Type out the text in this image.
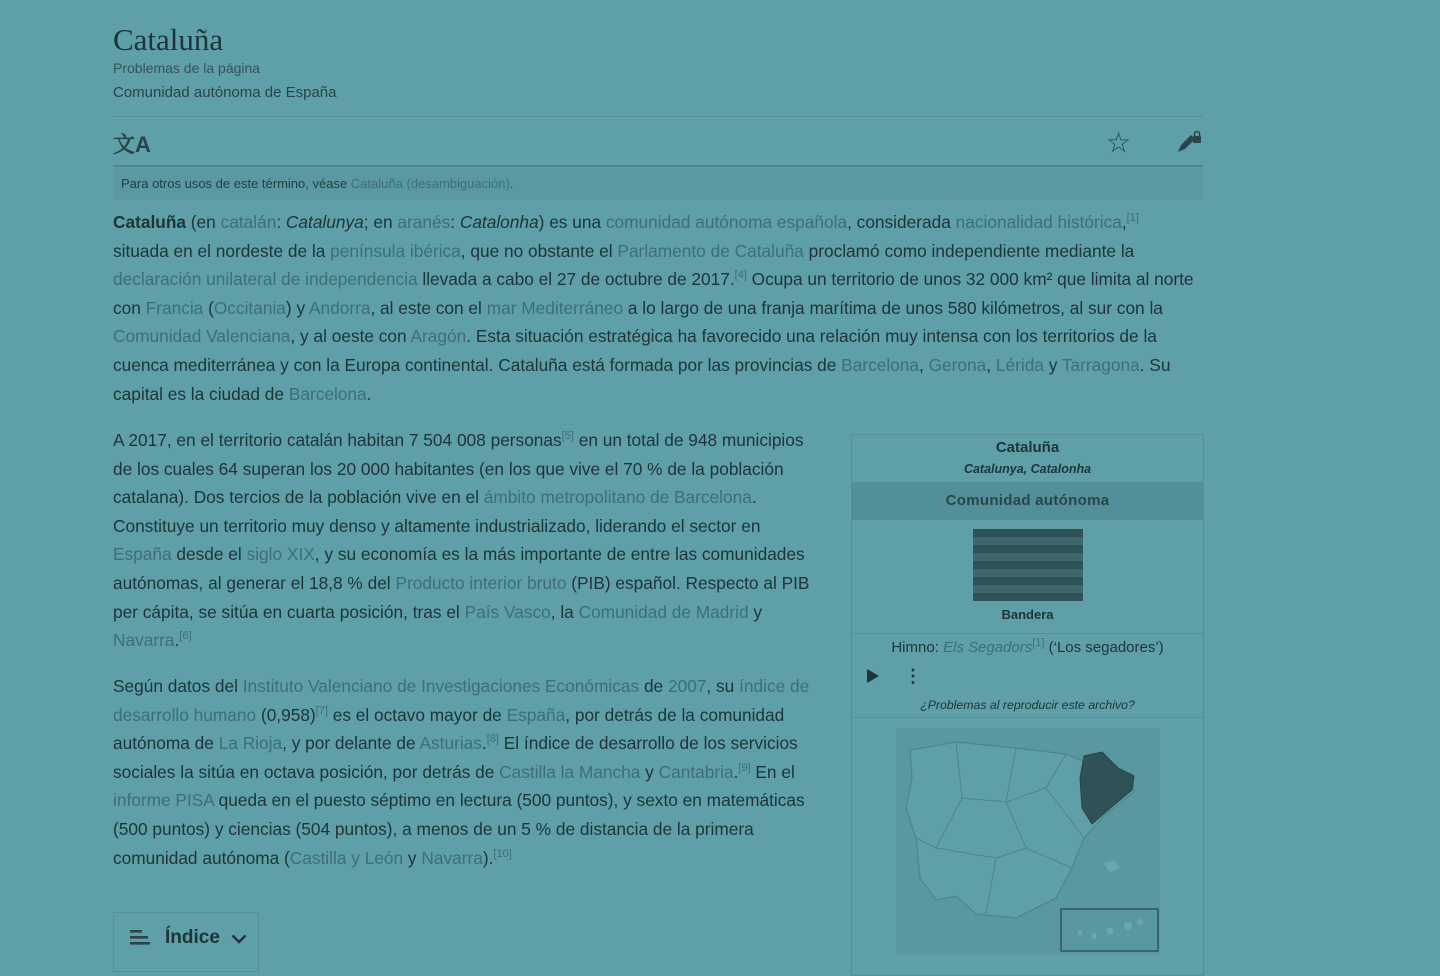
Cataluña
Problemas de la página
Comunidad autónoma de España
文A	☆
Para otros usos de este término, véase Cataluña (desambiguación).
Cataluña (en catalán: Catalunya; en aranés: Catalonha) es una comunidad autónoma española, considerada nacionalidad histórica,[1] situada en el nordeste de la península ibérica, que no obstante el Parlamento de Cataluña proclamó como independiente mediante la declaración unilateral de independencia llevada a cabo el 27 de octubre de 2017.[4] Ocupa un territorio de unos 32 000 km² que limita al norte con Francia (Occitania) y Andorra, al este con el mar Mediterráneo a lo largo de una franja marítima de unos 580 kilómetros, al sur con la Comunidad Valenciana, y al oeste con Aragón. Esta situación estratégica ha favorecido una relación muy intensa con los territorios de la cuenca mediterránea y con la Europa continental. Cataluña está formada por las provincias de Barcelona, Gerona, Lérida y Tarragona. Su capital es la ciudad de Barcelona.
A 2017, en el territorio catalán habitan 7 504 008 personas[5] en un total de 948 municipios de los cuales 64 superan los 20 000 habitantes (en los que vive el 70 % de la población catalana). Dos tercios de la población vive en el ámbito metropolitano de Barcelona. Constituye un territorio muy denso y altamente industrializado, liderando el sector en España desde el siglo XIX, y su economía es la más importante de entre las comunidades autónomas, al generar el 18,8 % del Producto interior bruto (PIB) español. Respecto al PIB per cápita, se sitúa en cuarta posición, tras el País Vasco, la Comunidad de Madrid y Navarra.[6]
Según datos del Instituto Valenciano de Investigaciones Económicas de 2007, su índice de desarrollo humano (0,958)[7] es el octavo mayor de España, por detrás de la comunidad autónoma de La Rioja, y por delante de Asturias.[8] El índice de desarrollo de los servicios sociales la sitúa en octava posición, por detrás de Castilla la Mancha y Cantabria.[9] En el informe PISA queda en el puesto séptimo en lectura (500 puntos), y sexto en matemáticas (500 puntos) y ciencias (504 puntos), a menos de un 5 % de distancia de la primera comunidad autónoma (Castilla y León y Navarra).[10]
Cataluña
Catalunya, Catalonha
Comunidad autónoma
Bandera
Himno: Els Segadors[1] (‘Los segadores’)
⋮
¿Problemas al reproducir este archivo?
Índice
